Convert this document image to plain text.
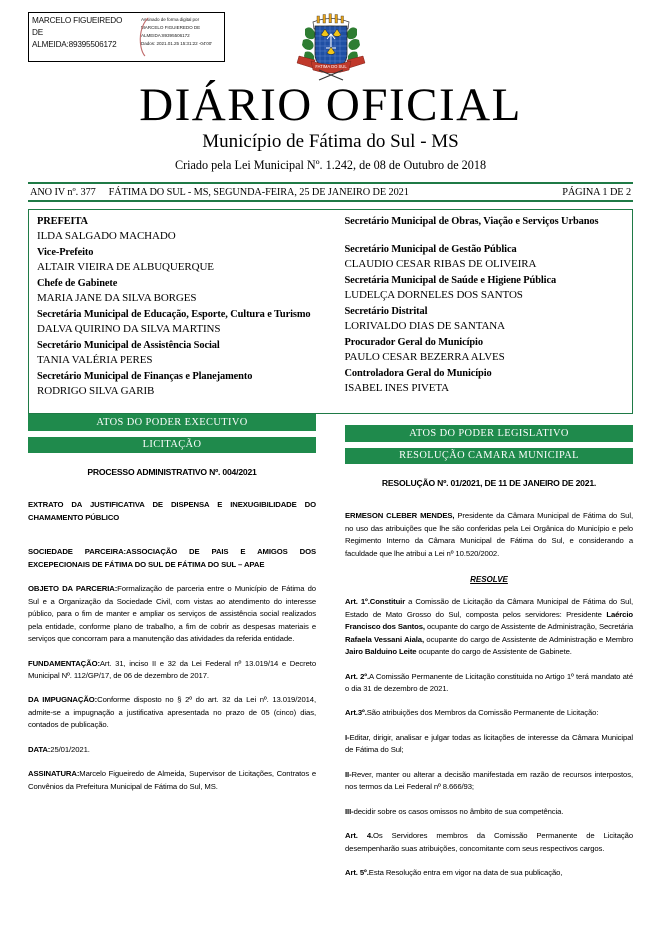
MARCELO FIGUEIREDO
DE
ALMEIDA:89395506172
Assinado de forma digital por
MARCELO FIGUIEREDO DE
ALMEIDA:89395506172
Dados: 2021.01.25 15:31:22 -04'00'
FATIMA DO SUL
DIÁRIO OFICIAL
Município de Fátima do Sul - MS
Criado pela Lei Municipal Nº. 1.242, de 08 de Outubro de 2018
ANO IV nº. 377 FÁTIMA DO SUL - MS, SEGUNDA-FEIRA, 25 DE JANEIRO DE 2021	PÁGINA 1 DE 2
PREFEITA
ILDA SALGADO MACHADO
Vice-Prefeito
ALTAIR VIEIRA DE ALBUQUERQUE
Chefe de Gabinete
MARIA JANE DA SILVA BORGES
Secretária Municipal de Educação, Esporte, Cultura e Turismo
DALVA QUIRINO DA SILVA MARTINS
Secretário Municipal de Assistência Social
TANIA VALÉRIA PERES
Secretário Municipal de Finanças e Planejamento
RODRIGO SILVA GARIB
Secretário Municipal de Obras, Viação e Serviços Urbanos
Secretário Municipal de Gestão Pública
CLAUDIO CESAR RIBAS DE OLIVEIRA
Secretária Municipal de Saúde e Higiene Pública
LUDELÇA DORNELES DOS SANTOS
Secretário Distrital
LORIVALDO DIAS DE SANTANA
Procurador Geral do Município
PAULO CESAR BEZERRA ALVES
Controladora Geral do Município
ISABEL INES PIVETA
ATOS DO PODER EXECUTIVO
LICITAÇÃO
PROCESSO ADMINISTRATIVO Nº. 004/2021
EXTRATO DA JUSTIFICATIVA DE DISPENSA E INEXUGIBILIDADE DO CHAMAMENTO PÚBLICO
SOCIEDADE PARCEIRA:ASSOCIAÇÃO DE PAIS E AMIGOS DOS EXCEPECIONAIS DE FÁTIMA DO SUL DE FÁTIMA DO SUL – APAE
OBJETO DA PARCERIA:Formalização de parceria entre o Município de Fátima do Sul e a Organização da Sociedade Civil, com vistas ao atendimento do interesse público, para o fim de manter e ampliar os serviços de assistência social realizados pela entidade, conforme plano de trabalho, a fim de cobrir as despesas materiais e serviços que concorram para a manutenção das atividades da referida entidade.
FUNDAMENTAÇÃO:Art. 31, inciso II e 32 da Lei Federal nº 13.019/14 e Decreto Municipal Nº. 112/GP/17, de 06 de dezembro de 2017.
DA IMPUGNAÇÃO:Conforme disposto no § 2º do art. 32 da Lei nº. 13.019/2014, admite-se a impugnação a justificativa apresentada no prazo de 05 (cinco) dias, contados de publicação.
DATA:25/01/2021.
ASSINATURA:Marcelo Figueiredo de Almeida, Supervisor de Licitações, Contratos e Convênios da Prefeitura Municipal de Fátima do Sul, MS.
ATOS DO PODER LEGISLATIVO
RESOLUÇÃO CAMARA MUNICIPAL
RESOLUÇÃO Nº. 01/2021, DE 11 DE JANEIRO DE 2021.
ERMESON CLEBER MENDES, Presidente da Câmara Municipal de Fátima do Sul, no uso das atribuições que lhe são conferidas pela Lei Orgânica do Município e pelo Regimento Interno da Câmara Municipal de Fátima do Sul, e considerando a faculdade que lhe atribui a Lei nº 10.520/2002.
RESOLVE
Art. 1º.Constituir a Comissão de Licitação da Câmara Municipal de Fátima do Sul, Estado de Mato Grosso do Sul, composta pelos servidores: Presidente Laércio Francisco dos Santos, ocupante do cargo de Assistente de Administração, Secretária Rafaela Vessani Aiala, ocupante do cargo de Assistente de Administração e Membro Jairo Balduino Leite ocupante do cargo de Assistente de Gabinete.
Art. 2º.A Comissão Permanente de Licitação constituida no Artigo 1º terá mandato até o dia 31 de dezembro de 2021.
Art.3º.São atribuições dos Membros da Comissão Permanente de Licitação:
I-Editar, dirigir, analisar e julgar todas as licitações de interesse da Câmara Municipal de Fátima do Sul;
II-Rever, manter ou alterar a decisão manifestada em razão de recursos interpostos, nos termos da Lei Federal nº 8.666/93;
III-decidir sobre os casos omissos no âmbito de sua competência.
Art. 4.Os Servidores membros da Comissão Permanente de Licitação desempenharão suas atribuições, concomitante com seus respectivos cargos.
Art. 5º.Esta Resolução entra em vigor na data de sua publicação,
